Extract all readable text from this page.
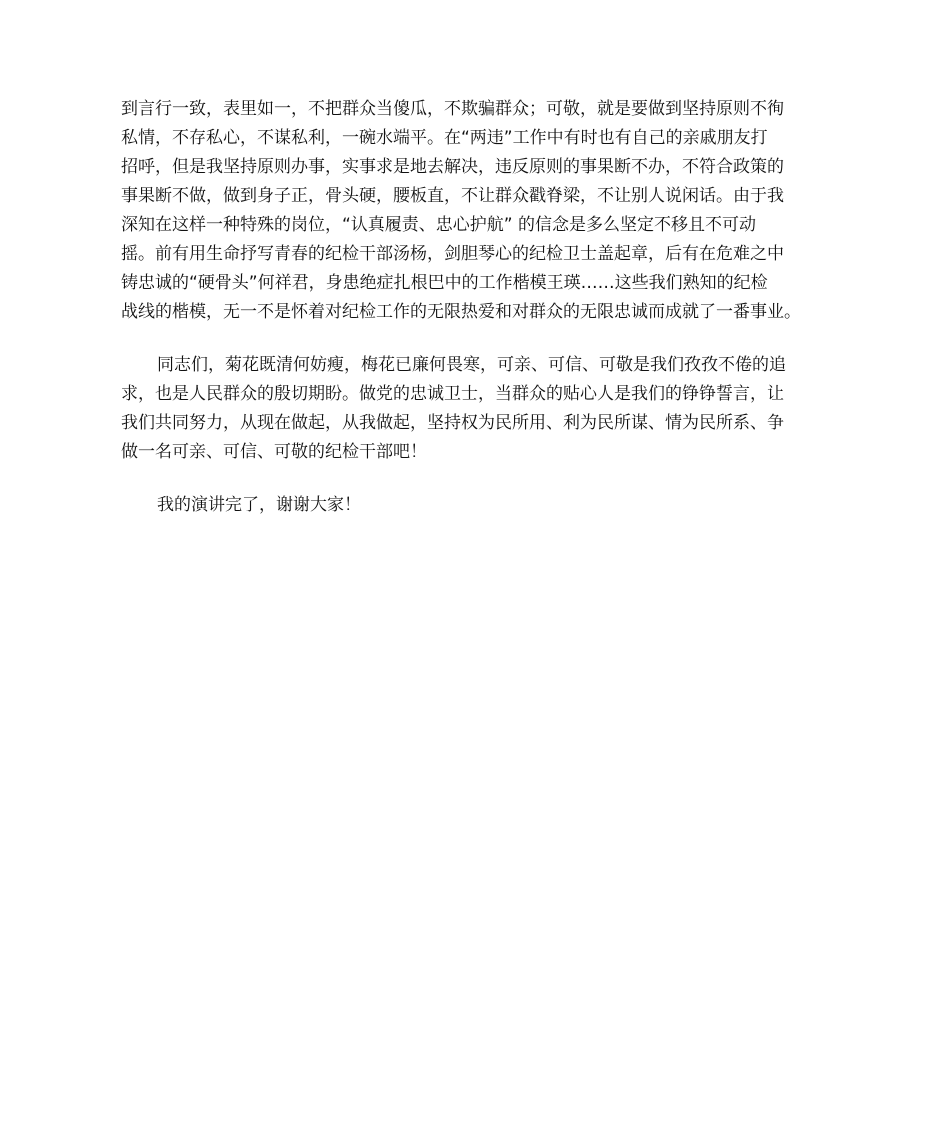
到言行一致，表里如一，不把群众当傻瓜，不欺骗群众；可敬，就是要做到坚持原则不徇
私情，不存私心，不谋私利，一碗水端平。在“两违”工作中有时也有自己的亲戚朋友打
招呼，但是我坚持原则办事，实事求是地去解决，违反原则的事果断不办，不符合政策的
事果断不做，做到身子正，骨头硬，腰板直，不让群众戳脊梁，不让别人说闲话。由于我
深知在这样一种特殊的岗位，“认真履责、忠心护航” 的信念是多么坚定不移且不可动
摇。前有用生命抒写青春的纪检干部汤杨，剑胆琴心的纪检卫士盖起章，后有在危难之中
铸忠诚的“硬骨头”何祥君，身患绝症扎根巴中的工作楷模王瑛……这些我们熟知的纪检
战线的楷模，无一不是怀着对纪检工作的无限热爱和对群众的无限忠诚而成就了一番事业。
同志们，菊花既清何妨瘦，梅花已廉何畏寒，可亲、可信、可敬是我们孜孜不倦的追
求，也是人民群众的殷切期盼。做党的忠诚卫士，当群众的贴心人是我们的铮铮誓言，让
我们共同努力，从现在做起，从我做起，坚持权为民所用、利为民所谋、情为民所系、争
做一名可亲、可信、可敬的纪检干部吧！
我的演讲完了，谢谢大家！
